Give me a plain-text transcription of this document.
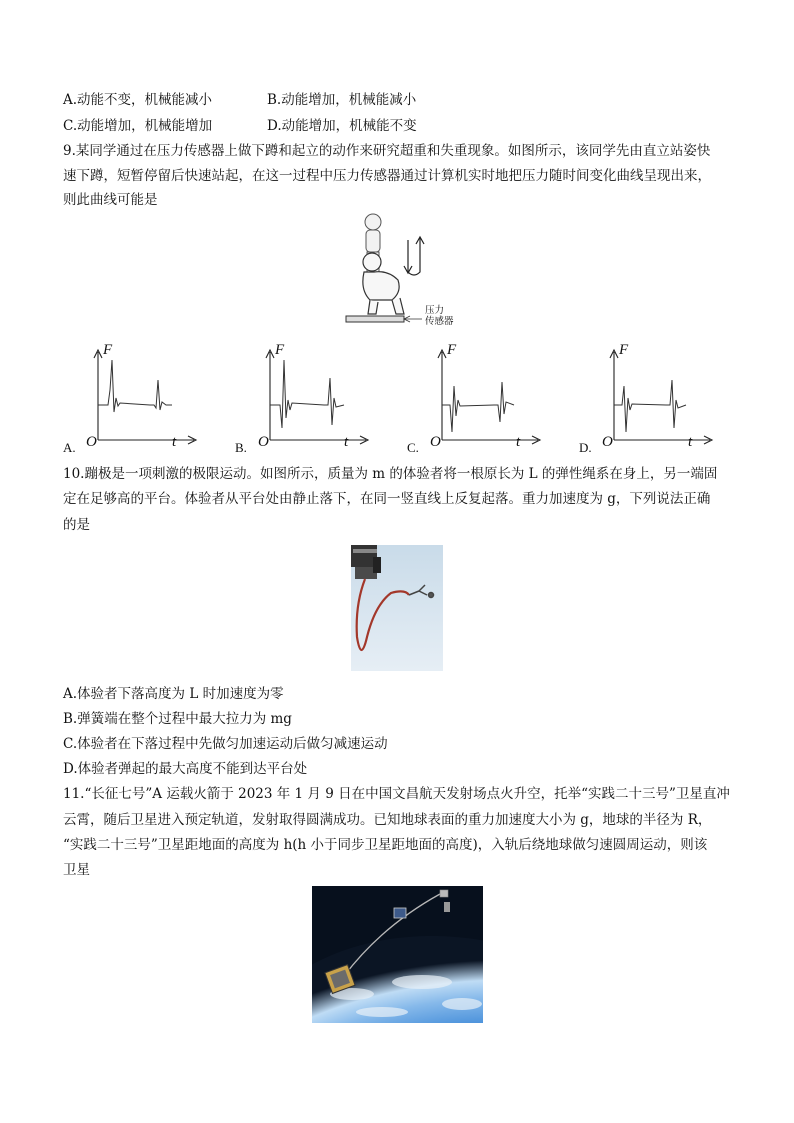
A.动能不变，机械能减小	B.动能增加，机械能减小
C.动能增加，机械能增加	D.动能增加，机械能不变
9.某同学通过在压力传感器上做下蹲和起立的动作来研究超重和失重现象。如图所示，该同学先由直立站姿快
速下蹲，短暂停留后快速站起，在这一过程中压力传感器通过计算机实时地把压力随时间变化曲线呈现出来，
则此曲线可能是
压力
传感器
F
t
O
A.
F
t
O
B.
F
t
O
C.
F
t
O
D.
10.蹦极是一项刺激的极限运动。如图所示，质量为 m 的体验者将一根原长为 L 的弹性绳系在身上，另一端固
定在足够高的平台。体验者从平台处由静止落下，在同一竖直线上反复起落。重力加速度为 g，下列说法正确
的是
A.体验者下落高度为 L 时加速度为零
B.弹簧端在整个过程中最大拉力为 mg
C.体验者在下落过程中先做匀加速运动后做匀减速运动
D.体验者弹起的最大高度不能到达平台处
11.“长征七号”A 运载火箭于 2023 年 1 月 9 日在中国文昌航天发射场点火升空，托举“实践二十三号”卫星直冲
云霄，随后卫星进入预定轨道，发射取得圆满成功。已知地球表面的重力加速度大小为 g，地球的半径为 R，
“实践二十三号”卫星距地面的高度为 h(h 小于同步卫星距地面的高度)，入轨后绕地球做匀速圆周运动，则该
卫星
